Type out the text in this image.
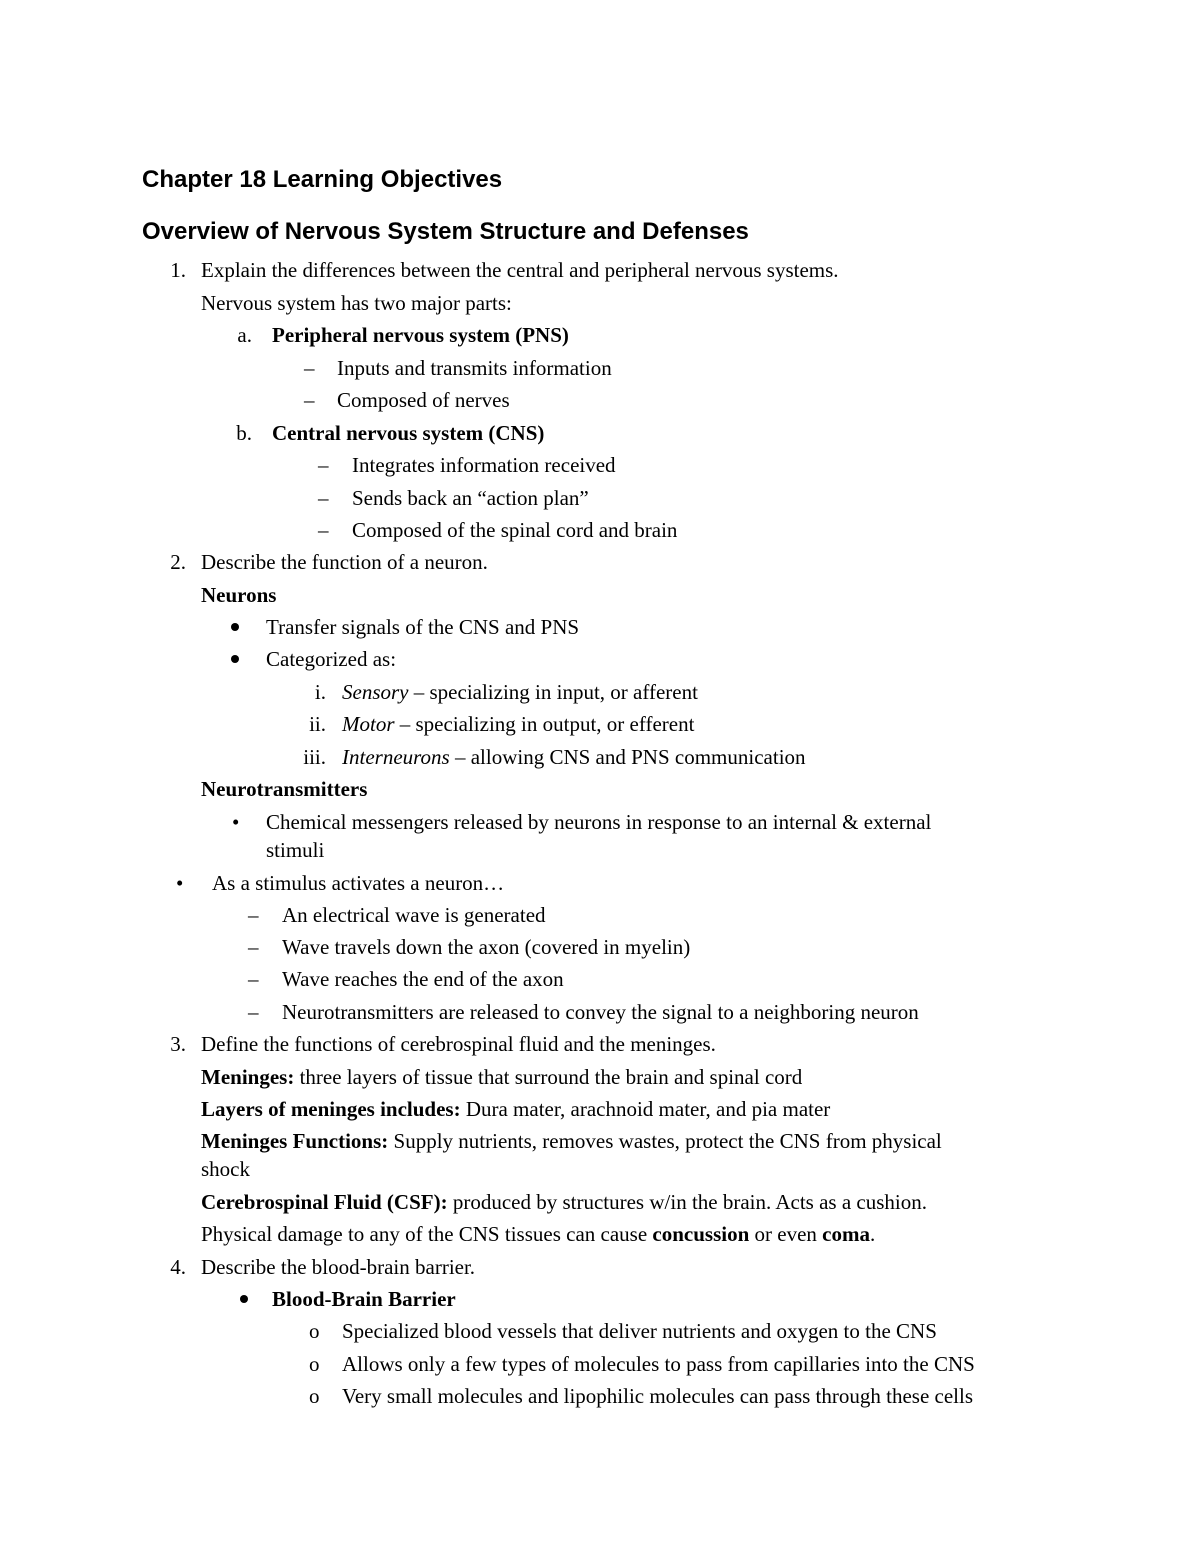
Chapter 18 Learning Objectives
Overview of Nervous System Structure and Defenses
1. Explain the differences between the central and peripheral nervous systems.
Nervous system has two major parts:
a. Peripheral nervous system (PNS)
– Inputs and transmits information
– Composed of nerves
b. Central nervous system (CNS)
– Integrates information received
– Sends back an “action plan”
– Composed of the spinal cord and brain
2. Describe the function of a neuron.
Neurons
Transfer signals of the CNS and PNS
Categorized as:
i. Sensory – specializing in input, or afferent
ii. Motor – specializing in output, or efferent
iii. Interneurons – allowing CNS and PNS communication
Neurotransmitters
• Chemical messengers released by neurons in response to an internal & external
stimuli
• As a stimulus activates a neuron…
– An electrical wave is generated
– Wave travels down the axon (covered in myelin)
– Wave reaches the end of the axon
– Neurotransmitters are released to convey the signal to a neighboring neuron
3. Define the functions of cerebrospinal fluid and the meninges.
Meninges: three layers of tissue that surround the brain and spinal cord
Layers of meninges includes: Dura mater, arachnoid mater, and pia mater
Meninges Functions: Supply nutrients, removes wastes, protect the CNS from physical
shock
Cerebrospinal Fluid (CSF): produced by structures w/in the brain. Acts as a cushion.
Physical damage to any of the CNS tissues can cause concussion or even coma.
4. Describe the blood-brain barrier.
Blood-Brain Barrier
o Specialized blood vessels that deliver nutrients and oxygen to the CNS
o Allows only a few types of molecules to pass from capillaries into the CNS
o Very small molecules and lipophilic molecules can pass through these cells
